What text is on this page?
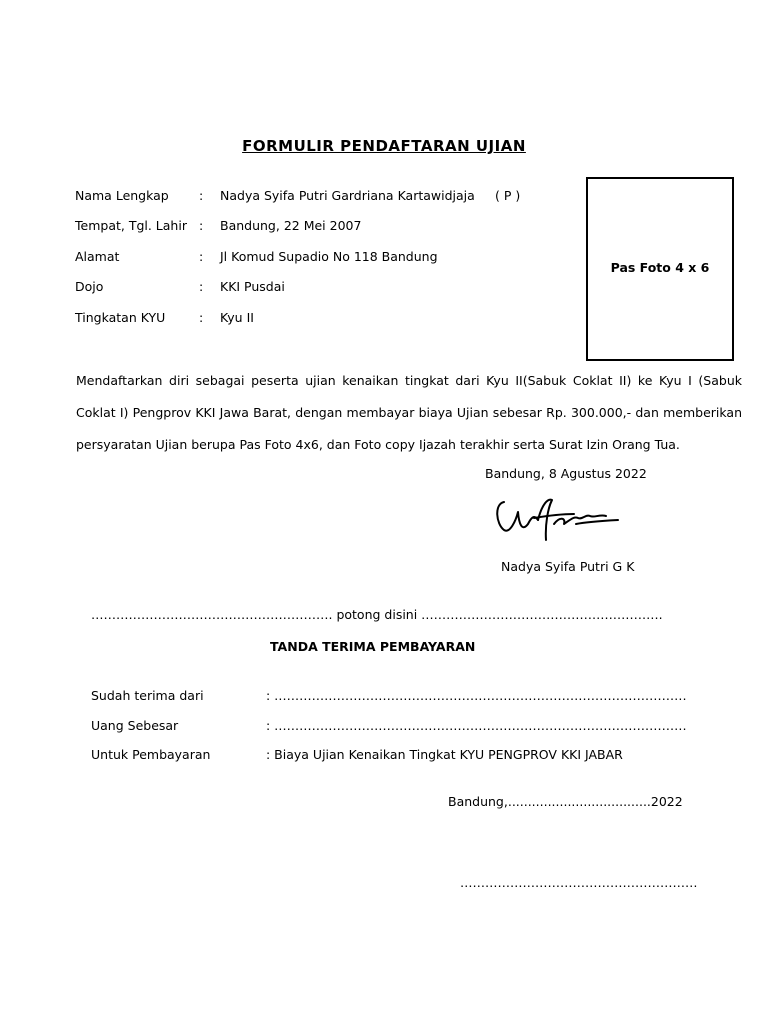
FORMULIR PENDAFTARAN UJIAN
Nama Lengkap : Nadya Syifa Putri Gardriana Kartawidjaja ( P )
Tempat, Tgl. Lahir : Bandung, 22 Mei 2007
Alamat	: Jl Komud Supadio No 118 Bandung
Dojo	: KKI Pusdai
Tingkatan KYU	: Kyu II
Pas Foto 4 x 6
Mendaftarkan diri sebagai peserta ujian kenaikan tingkat dari Kyu II(Sabuk Coklat II) ke Kyu I (Sabuk Coklat I) Pengprov KKI Jawa Barat, dengan membayar biaya Ujian sebesar Rp. 300.000,- dan memberikan persyaratan Ujian berupa Pas Foto 4x6, dan Foto copy Ijazah terakhir serta Surat Izin Orang Tua.
Bandung, 8 Agustus 2022
Nadya Syifa Putri G K
…………………………………………………. potong disini ………………………………………………….
TANDA TERIMA PEMBAYARAN
Sudah terima dari	: ………………………………………………………………………………………
Uang Sebesar	: ………………………………………………………………………………………
Untuk Pembayaran	: Biaya Ujian Kenaikan Tingkat KYU PENGPROV KKI JABAR
Bandung,....................................2022
…………………………………………………
